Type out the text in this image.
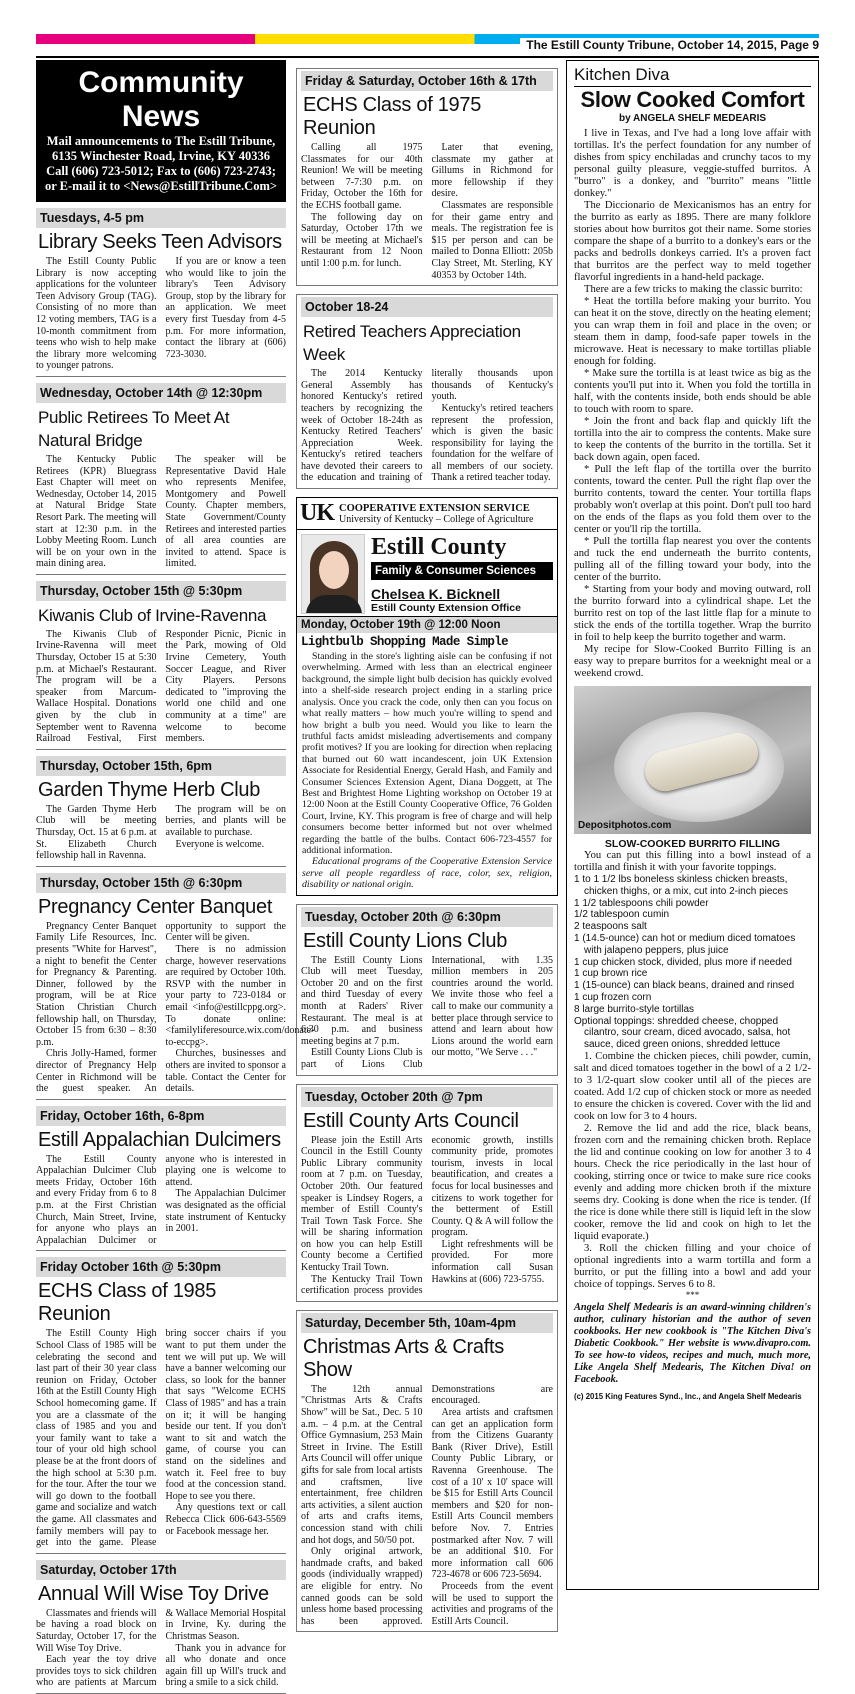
The Estill County Tribune, October 14, 2015, Page 9
Community News
Mail announcements to The Estill Tribune,
6135 Winchester Road, Irvine, KY 40336
Call (606) 723-5012; Fax to (606) 723-2743;
or E-mail it to <News@EstillTribune.Com>
Tuesdays, 4-5 pm
Library Seeks Teen Advisors

The Estill County Public Library is now accepting applications for the volunteer Teen Advisory Group (TAG). Consisting of no more than 12 voting members, TAG is a 10-month commitment from teens who wish to help make the library more welcoming to younger patrons.

If you are or know a teen who would like to join the library's Teen Advisory Group, stop by the library for an application. We meet every first Tuesday from 4-5 p.m. For more information, contact the library at (606) 723-3030.

Wednesday, October 14th @ 12:30pm
Public Retirees To Meet At Natural Bridge

The Kentucky Public Retirees (KPR) Bluegrass East Chapter will meet on Wednesday, October 14, 2015 at Natural Bridge State Resort Park. The meeting will start at 12:30 p.m. in the Lobby Meeting Room. Lunch will be on your own in the main dining area.

The speaker will be Representative David Hale who represents Menifee, Montgomery and Powell County. Chapter members, State Government/County Retirees and interested parties of all area counties are invited to attend. Space is limited.

Thursday, October 15th @ 5:30pm
Kiwanis Club of Irvine-Ravenna

The Kiwanis Club of Irvine-Ravenna will meet Thursday, October 15 at 5:30 p.m. at Michael's Restaurant. The program will be a speaker from Marcum-Wallace Hospital. Donations given by the club in September went to Ravenna Railroad Festival, First Responder Picnic, Picnic in the Park, mowing of Old Irvine Cemetery, Youth Soccer League, and River City Players. Persons dedicated to "improving the world one child and one community at a time" are welcome to become members.

Thursday, October 15th, 6pm
Garden Thyme Herb Club

The Garden Thyme Herb Club will be meeting Thursday, Oct. 15 at 6 p.m. at St. Elizabeth Church fellowship hall in Ravenna.

The program will be on berries, and plants will be available to purchase.

Everyone is welcome.

Thursday, October 15th @ 6:30pm
Pregnancy Center Banquet

Pregnancy Center Banquet Family Life Resources, Inc. presents "White for Harvest", a night to benefit the Center for Pregnancy & Parenting. Dinner, followed by the program, will be at Rice Station Christian Church fellowship hall, on Thursday, October 15 from 6:30 – 8:30 p.m.

Chris Jolly-Hamed, former director of Pregnancy Help Center in Richmond will be the guest speaker. An opportunity to support the Center will be given.

There is no admission charge, however reservations are required by October 10th. RSVP with the number in your party to 723-0184 or email <info@estillcppg.org>. To donate online: <familyliferesource.wix.com/donate-to-eccpg>.

Churches, businesses and others are invited to sponsor a table. Contact the Center for details.

Friday, October 16th, 6-8pm
Estill Appalachian Dulcimers

The Estill County Appalachian Dulcimer Club meets Friday, October 16th and every Friday from 6 to 8 p.m. at the First Christian Church, Main Street, Irvine, for anyone who plays an Appalachian Dulcimer or anyone who is interested in playing one is welcome to attend.

The Appalachian Dulcimer was designated as the official state instrument of Kentucky in 2001.

Friday October 16th @ 5:30pm
ECHS Class of 1985 Reunion

The Estill County High School Class of 1985 will be celebrating the second and last part of their 30 year class reunion on Friday, October 16th at the Estill County High School homecoming game. If you are a classmate of the class of 1985 and you and your family want to take a tour of your old high school please be at the front doors of the high school at 5:30 p.m. for the tour. After the tour we will go down to the football game and socialize and watch the game. All classmates and family members will pay to get into the game. Please bring soccer chairs if you want to put them under the tent we will put up. We will have a banner welcoming our class, so look for the banner that says "Welcome ECHS Class of 1985" and has a train on it; it will be hanging beside our tent. If you don't want to sit and watch the game, of course you can stand on the sidelines and watch it. Feel free to buy food at the concession stand. Hope to see you there.

Any questions text or call Rebecca Click 606-643-5569 or Facebook message her.

Saturday, October 17th
Annual Will Wise Toy Drive

Classmates and friends will be having a road block on Saturday, October 17, for the Will Wise Toy Drive.

Each year the toy drive provides toys to sick children who are patients at Marcum & Wallace Memorial Hospital in Irvine, Ky. during the Christmas Season.

Thank you in advance for all who donate and once again fill up Will's truck and bring a smile to a sick child.

Friday & Saturday, October 16th & 17th
ECHS Class of 1975 Reunion

Calling all 1975 Classmates for our 40th Reunion! We will be meeting between 7-7:30 p.m. on Friday, October the 16th for the ECHS football game.

The following day on Saturday, October 17th we will be meeting at Michael's Restaurant from 12 Noon until 1:00 p.m. for lunch.

Later that evening, classmate my gather at Gillums in Richmond for more fellowship if they desire.

Classmates are responsible for their game entry and meals. The registration fee is $15 per person and can be mailed to Donna Elliott: 205b Clay Street, Mt. Sterling, KY 40353 by October 14th.

October 18-24
Retired Teachers Appreciation Week

The 2014 Kentucky General Assembly has honored Kentucky's retired teachers by recognizing the week of October 18-24th as Kentucky Retired Teachers' Appreciation Week. Kentucky's retired teachers have devoted their careers to the education and training of literally thousands upon thousands of Kentucky's youth.

Kentucky's retired teachers represent the profession, which is given the basic responsibility for laying the foundation for the welfare of all members of our society. Thank a retired teacher today.

UK COOPERATIVE EXTENSION SERVICE
University of Kentucky – College of Agriculture
Estill County
Family & Consumer Sciences
Chelsea K. Bicknell
Estill County Extension Office
Monday, October 19th @ 12:00 Noon
Lightbulb Shopping Made Simple

Standing in the store's lighting aisle can be confusing if not overwhelming. Armed with less than an electrical engineer background, the simple light bulb decision has quickly evolved into a shelf-side research project ending in a starling price analysis. Once you crack the code, only then can you focus on what really matters – how much you're willing to spend and how bright a bulb you need. Would you like to learn the truthful facts amidst misleading advertisements and company profit motives? If you are looking for direction when replacing that burned out 60 watt incandescent, join UK Extension Associate for Residential Energy, Gerald Hash, and Family and Consumer Sciences Extension Agent, Diana Doggett, at The Best and Brightest Home Lighting workshop on October 19 at 12:00 Noon at the Estill County Cooperative Office, 76 Golden Court, Irvine, KY. This program is free of charge and will help consumers become better informed but not over whelmed regarding the battle of the bulbs. Contact 606-723-4557 for additional information.

Educational programs of the Cooperative Extension Service serve all people regardless of race, color, sex, religion, disability or national origin.

Tuesday, October 20th @ 6:30pm
Estill County Lions Club

The Estill County Lions Club will meet Tuesday, October 20 and on the first and third Tuesday of every month at Raders' River Restaurant. The meal is at 6:30 p.m. and business meeting begins at 7 p.m.

Estill County Lions Club is part of Lions Club International, with 1.35 million members in 205 countries around the world. We invite those who feel a call to make our community a better place through service to attend and learn about how Lions around the world earn our motto, "We Serve . . ."

Tuesday, October 20th @ 7pm
Estill County Arts Council

Please join the Estill Arts Council in the Estill County Public Library community room at 7 p.m. on Tuesday, October 20th. Our featured speaker is Lindsey Rogers, a member of Estill County's Trail Town Task Force. She will be sharing information on how you can help Estill County become a Certified Kentucky Trail Town.

The Kentucky Trail Town certification process provides economic growth, instills community pride, promotes tourism, invests in local beautification, and creates a focus for local businesses and citizens to work together for the betterment of Estill County. Q & A will follow the program.

Light refreshments will be provided. For more information call Susan Hawkins at (606) 723-5755.

Saturday, December 5th, 10am-4pm
Christmas Arts & Crafts Show

The 12th annual "Christmas Arts & Crafts Show" will be Sat., Dec. 5 10 a.m. – 4 p.m. at the Central Office Gymnasium, 253 Main Street in Irvine. The Estill Arts Council will offer unique gifts for sale from local artists and craftsmen, live entertainment, free children arts activities, a silent auction of arts and crafts items, concession stand with chili and hot dogs, and 50/50 pot.

Only original artwork, handmade crafts, and baked goods (individually wrapped) are eligible for entry. No canned goods can be sold unless home based processing has been approved. Demonstrations are encouraged.

Area artists and craftsmen can get an application form from the Citizens Guaranty Bank (River Drive), Estill County Public Library, or Ravenna Greenhouse. The cost of a 10' x 10' space will be $15 for Estill Arts Council members and $20 for non-Estill Arts Council members before Nov. 7. Entries postmarked after Nov. 7 will be an additional $10. For more information call 606 723-4678 or 606 723-5694.

Proceeds from the event will be used to support the activities and programs of the Estill Arts Council.

Kitchen Diva
Slow Cooked Comfort
by ANGELA SHELF MEDEARIS

I live in Texas, and I've had a long love affair with tortillas. It's the perfect foundation for any number of dishes from spicy enchiladas and crunchy tacos to my personal guilty pleasure, veggie-stuffed burritos. A "burro" is a donkey, and "burrito" means "little donkey."

The Diccionario de Mexicanismos has an entry for the burrito as early as 1895. There are many folklore stories about how burritos got their name. Some stories compare the shape of a burrito to a donkey's ears or the packs and bedrolls donkeys carried. It's a proven fact that burritos are the perfect way to meld together flavorful ingredients in a hand-held package.

There are a few tricks to making the classic burrito:

* Heat the tortilla before making your burrito. You can heat it on the stove, directly on the heating element; you can wrap them in foil and place in the oven; or steam them in damp, food-safe paper towels in the microwave. Heat is necessary to make tortillas pliable enough for folding.

* Make sure the tortilla is at least twice as big as the contents you'll put into it. When you fold the tortilla in half, with the contents inside, both ends should be able to touch with room to spare.

* Join the front and back flap and quickly lift the tortilla into the air to compress the contents. Make sure to keep the contents of the burrito in the tortilla. Set it back down again, open faced.

* Pull the left flap of the tortilla over the burrito contents, toward the center. Pull the right flap over the burrito contents, toward the center. Your tortilla flaps probably won't overlap at this point. Don't pull too hard on the ends of the flaps as you fold them over to the center or you'll rip the tortilla.

* Pull the tortilla flap nearest you over the contents and tuck the end underneath the burrito contents, pulling all of the filling toward your body, into the center of the burrito.

* Starting from your body and moving outward, roll the burrito forward into a cylindrical shape. Let the burrito rest on top of the last little flap for a minute to stick the ends of the tortilla together. Wrap the burrito in foil to help keep the burrito together and warm.

My recipe for Slow-Cooked Burrito Filling is an easy way to prepare burritos for a weeknight meal or a weekend crowd.

Depositphotos.com
SLOW-COOKED BURRITO FILLING

You can put this filling into a bowl instead of a tortilla and finish it with your favorite toppings.

1 to 1 1/2 lbs boneless skinless chicken breasts, chicken thighs, or a mix, cut into 2-inch pieces
1 1/2 tablespoons chili powder
1/2 tablespoon cumin
2 teaspoons salt
1 (14.5-ounce) can hot or medium diced tomatoes with jalapeno peppers, plus juice
1 cup chicken stock, divided, plus more if needed
1 cup brown rice
1 (15-ounce) can black beans, drained and rinsed
1 cup frozen corn
8 large burrito-style tortillas
Optional toppings: shredded cheese, chopped cilantro, sour cream, diced avocado, salsa, hot sauce, diced green onions, shredded lettuce

1. Combine the chicken pieces, chili powder, cumin, salt and diced tomatoes together in the bowl of a 2 1/2- to 3 1/2-quart slow cooker until all of the pieces are coated. Add 1/2 cup of chicken stock or more as needed to ensure the chicken is covered. Cover with the lid and cook on low for 3 to 4 hours.

2. Remove the lid and add the rice, black beans, frozen corn and the remaining chicken broth. Replace the lid and continue cooking on low for another 3 to 4 hours. Check the rice periodically in the last hour of cooking, stirring once or twice to make sure rice cooks evenly and adding more chicken broth if the mixture seems dry. Cooking is done when the rice is tender. (If the rice is done while there still is liquid left in the slow cooker, remove the lid and cook on high to let the liquid evaporate.)

3. Roll the chicken filling and your choice of optional ingredients into a warm tortilla and form a burrito, or put the filling into a bowl and add your choice of toppings. Serves 6 to 8.

***
Angela Shelf Medearis is an award-winning children's author, culinary historian and the author of seven cookbooks. Her new cookbook is "The Kitchen Diva's Diabetic Cookbook." Her website is www.divapro.com. To see how-to videos, recipes and much, much more, Like Angela Shelf Medearis, The Kitchen Diva! on Facebook.
(c) 2015 King Features Synd., Inc., and Angela Shelf Medearis
